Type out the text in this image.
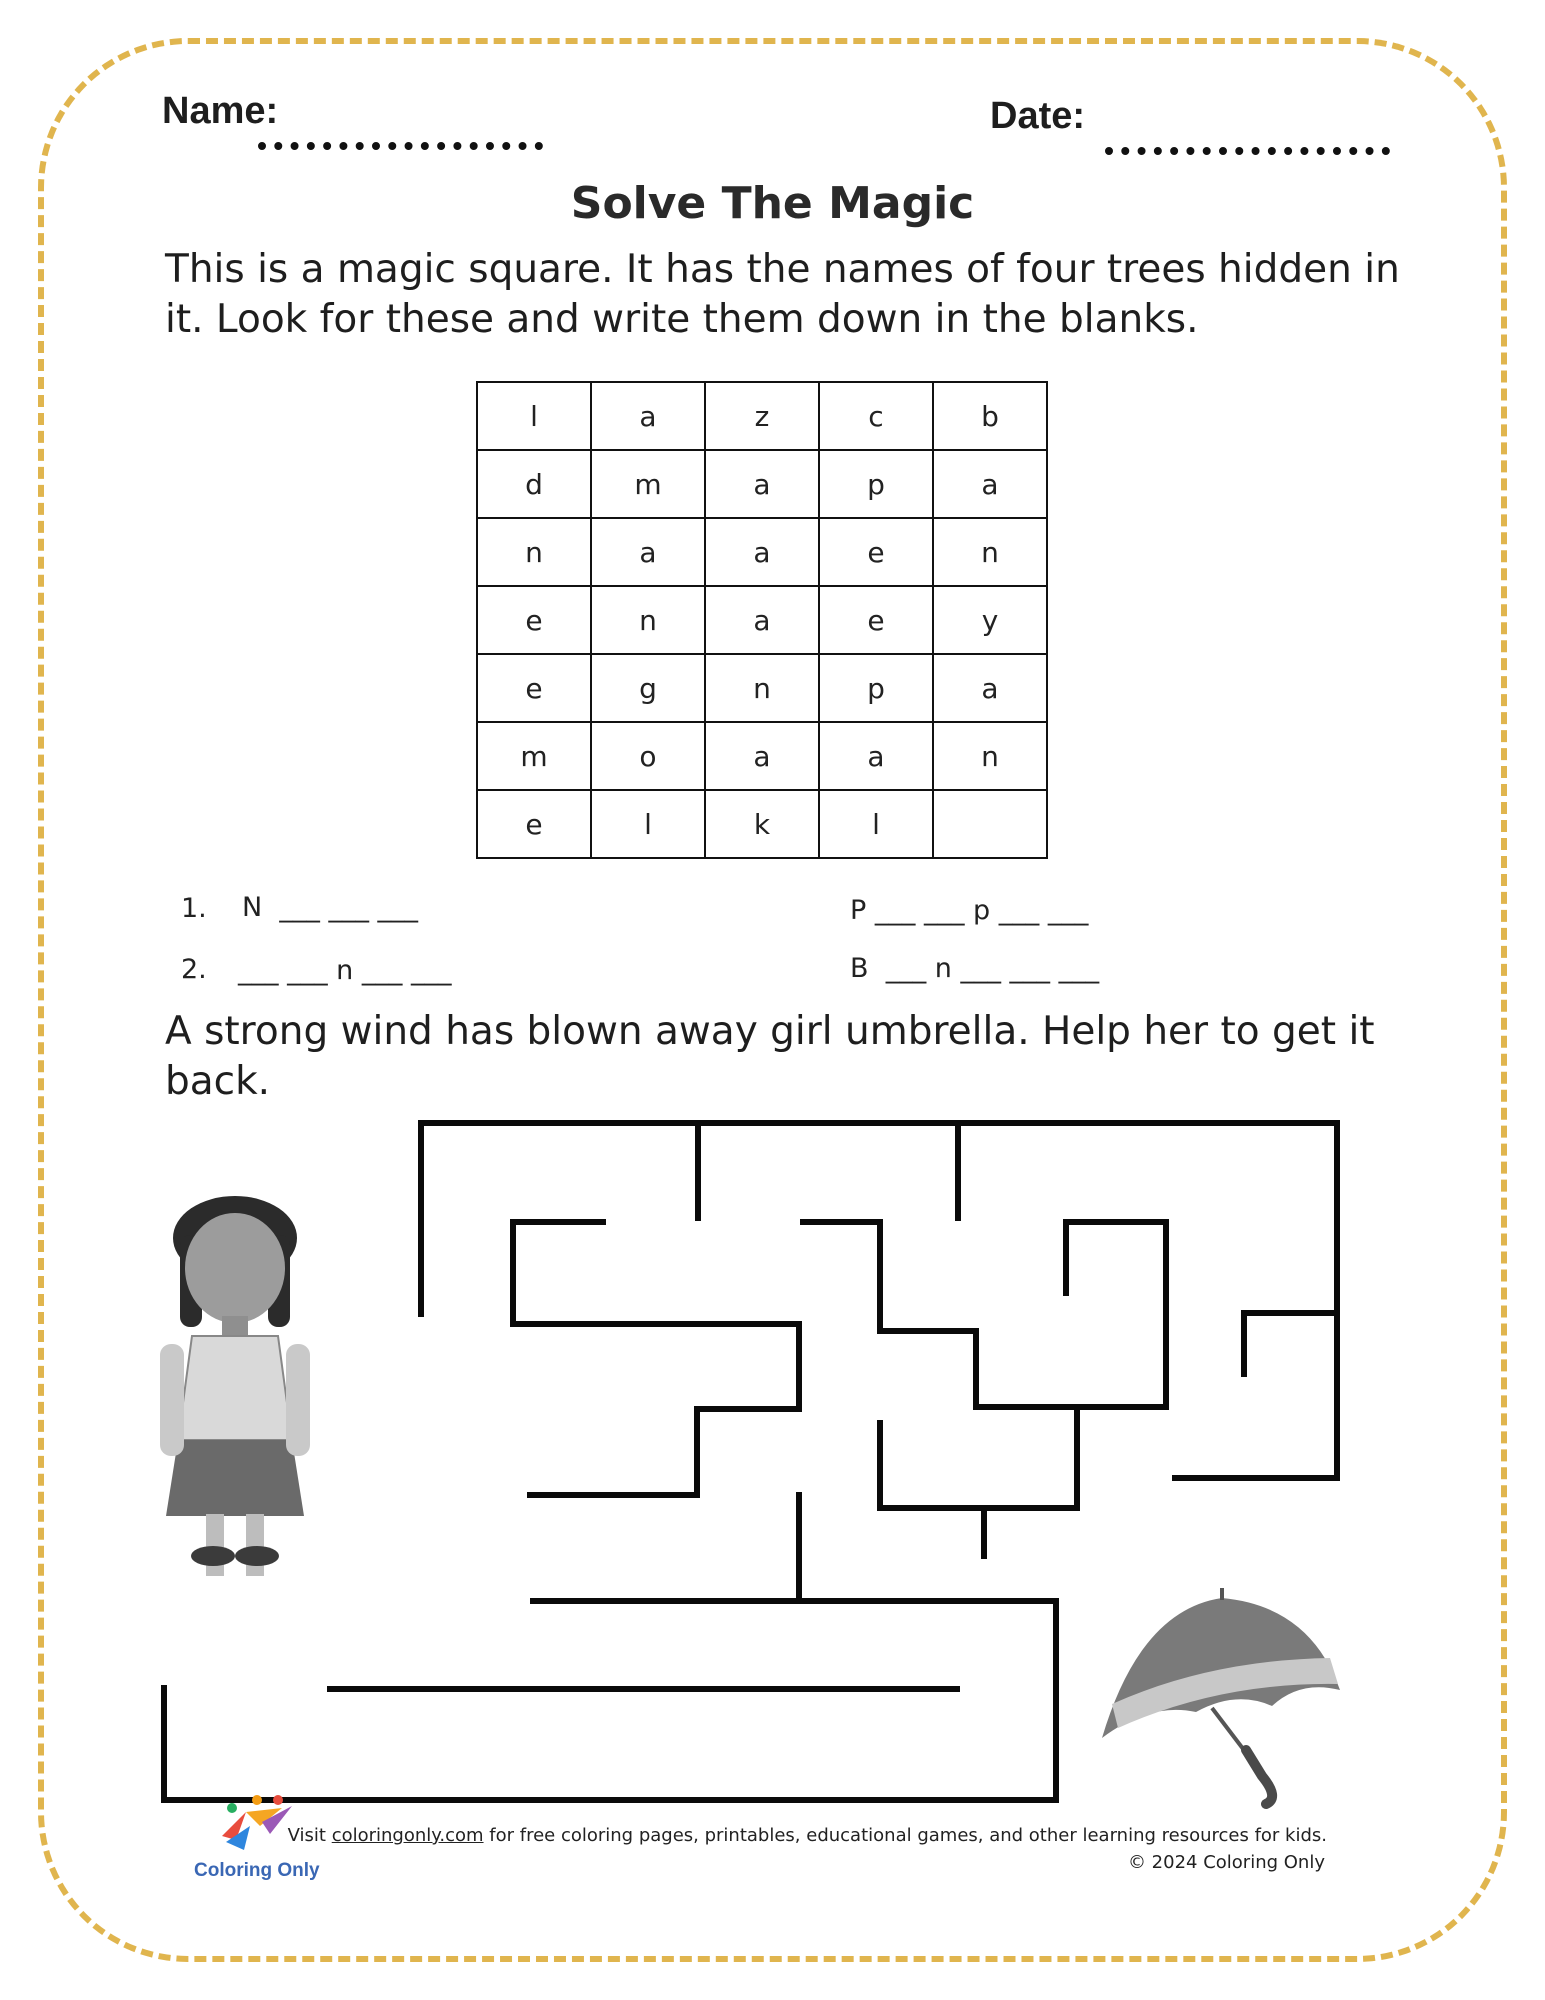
Name:	Date:
Solve The Magic
This is a magic square. It has the names of four trees hidden in it. Look for these and write them down in the blanks.
l	a	z	c	b
d	m	a	p	a
n	a	a	e	n
e	n	a	e	y
e	g	n	p	a
m	o	a	a	n
e	l	k	l	
1. N  ___ ___ ___
2. ___ ___ n ___ ___
P ___ ___ p ___ ___
B  ___ n ___ ___ ___
A strong wind has blown away girl umbrella. Help her to get it back.
Visit coloringonly.com for free coloring pages, printables, educational games, and other learning resources for kids.
© 2024 Coloring Only
Coloring Only
